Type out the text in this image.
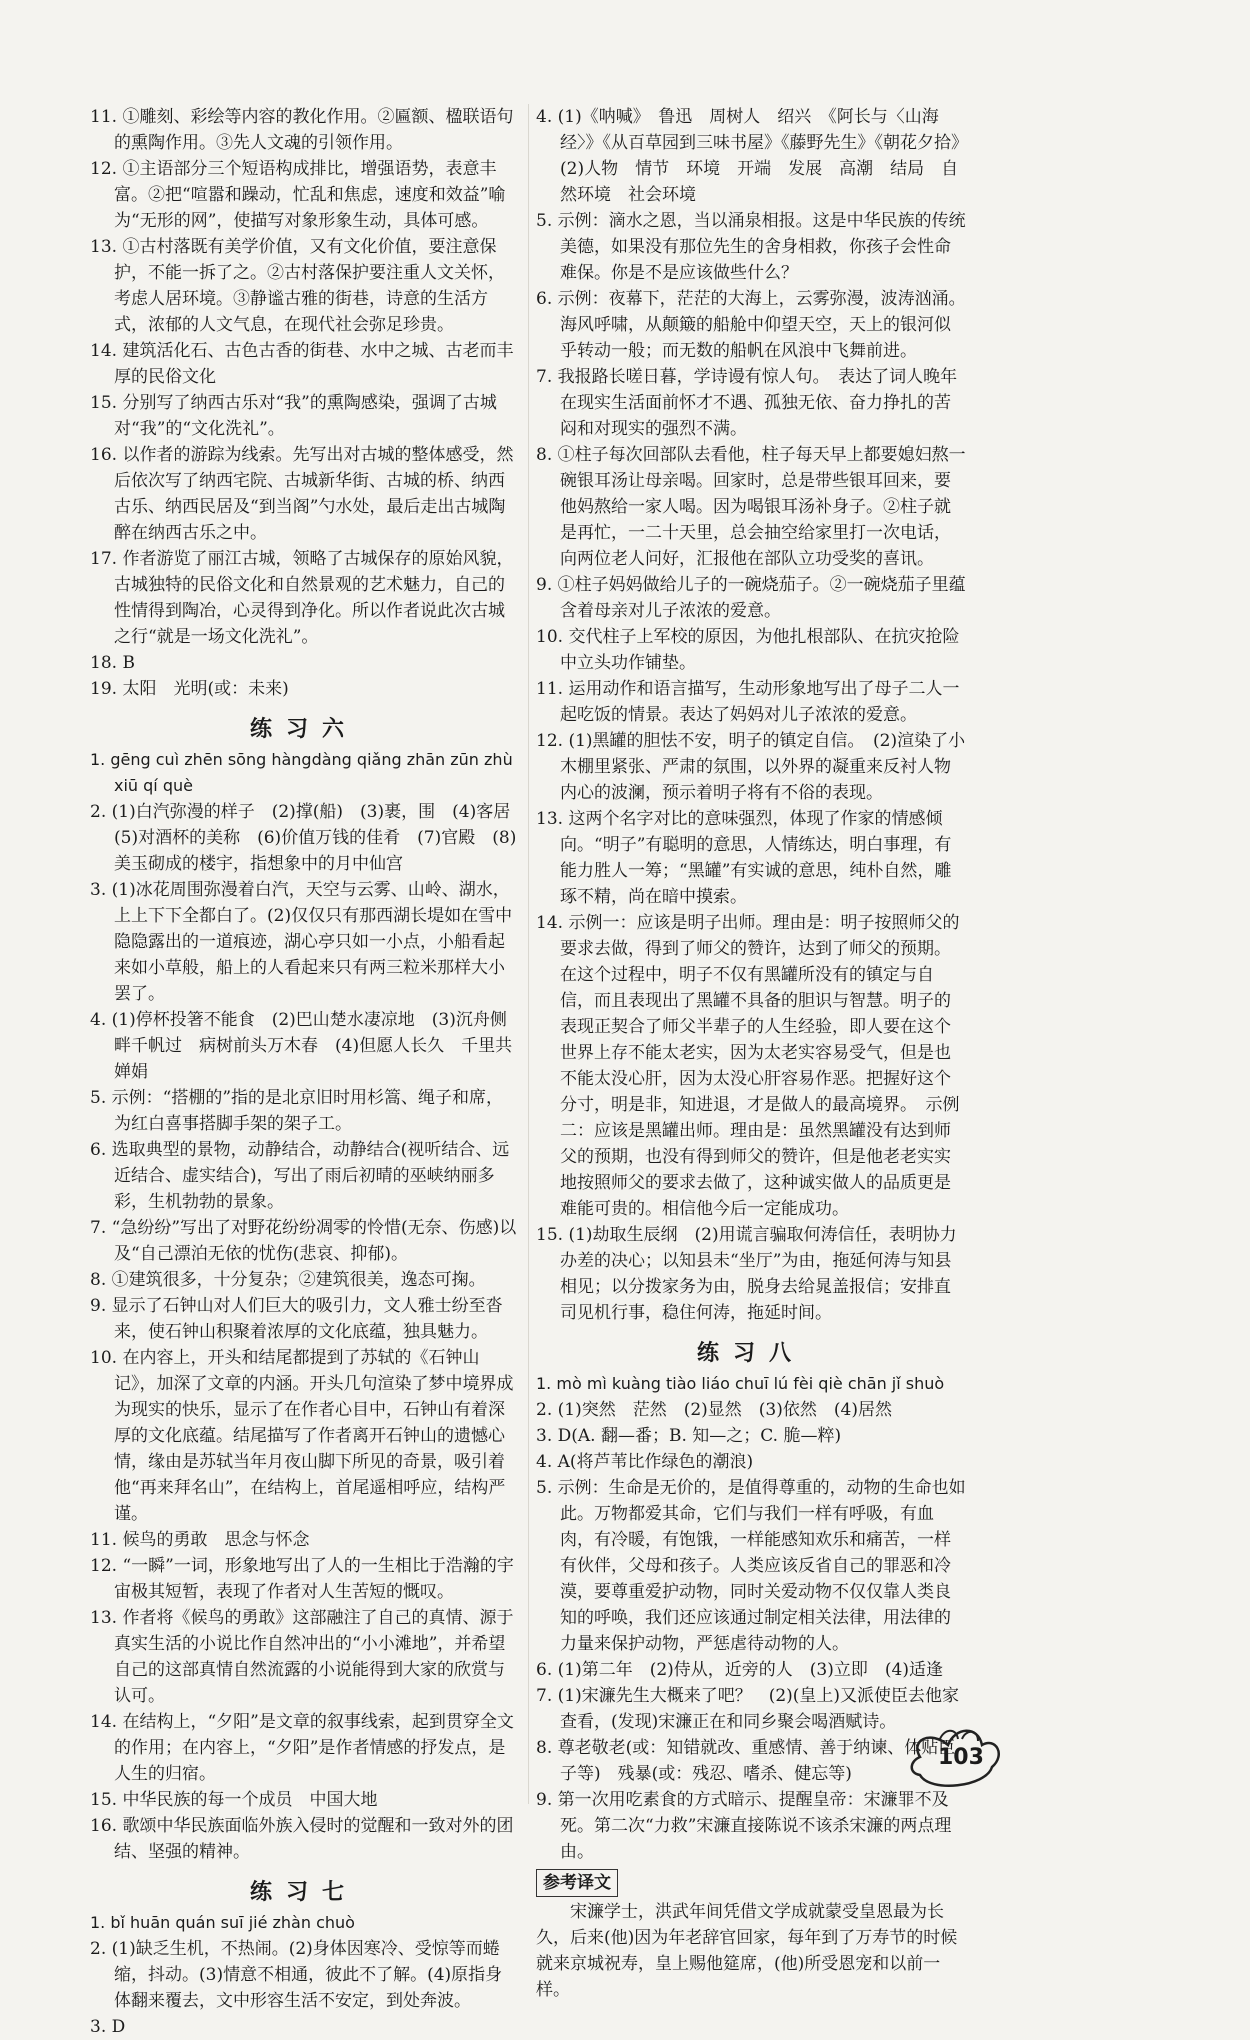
11. ①雕刻、彩绘等内容的教化作用。②匾额、楹联语句的熏陶作用。③先人文魂的引领作用。

12. ①主语部分三个短语构成排比，增强语势，表意丰富。②把“喧嚣和躁动，忙乱和焦虑，速度和效益”喻为“无形的网”，使描写对象形象生动，具体可感。

13. ①古村落既有美学价值，又有文化价值，要注意保护，不能一拆了之。②古村落保护要注重人文关怀，考虑人居环境。③静谧古雅的街巷，诗意的生活方式，浓郁的人文气息，在现代社会弥足珍贵。

14. 建筑活化石、古色古香的街巷、水中之城、古老而丰厚的民俗文化

15. 分别写了纳西古乐对“我”的熏陶感染，强调了古城对“我”的“文化洗礼”。

16. 以作者的游踪为线索。先写出对古城的整体感受，然后依次写了纳西宅院、古城新华街、古城的桥、纳西古乐、纳西民居及“到当阁”勺水处，最后走出古城陶醉在纳西古乐之中。

17. 作者游览了丽江古城，领略了古城保存的原始风貌，古城独特的民俗文化和自然景观的艺术魅力，自己的性情得到陶冶，心灵得到净化。所以作者说此次古城之行“就是一场文化洗礼”。

18. B

19. 太阳　光明(或：未来)

练习六

1. gēng cuì zhēn sōng hàngdàng qiǎng zhān zūn zhù xiū qí què

2. (1)白汽弥漫的样子　(2)撑(船)　(3)裹，围　(4)客居　(5)对酒杯的美称　(6)价值万钱的佳肴　(7)官殿　(8)美玉砌成的楼宇，指想象中的月中仙宫

3. (1)冰花周围弥漫着白汽，天空与云雾、山岭、湖水，上上下下全都白了。(2)仅仅只有那西湖长堤如在雪中隐隐露出的一道痕迹，湖心亭只如一小点，小船看起来如小草般，船上的人看起来只有两三粒米那样大小罢了。

4. (1)停杯投箸不能食　(2)巴山楚水凄凉地　(3)沉舟侧畔千帆过　病树前头万木春　(4)但愿人长久　千里共婵娟

5. 示例：“搭棚的”指的是北京旧时用杉篙、绳子和席，为红白喜事搭脚手架的架子工。

6. 选取典型的景物，动静结合，动静结合(视听结合、远近结合、虚实结合)，写出了雨后初晴的巫峡纳丽多彩，生机勃勃的景象。

7. “急纷纷”写出了对野花纷纷凋零的怜惜(无奈、伤感)以及“自己漂泊无依的忧伤(悲哀、抑郁)。

8. ①建筑很多，十分复杂；②建筑很美，逸态可掬。

9. 显示了石钟山对人们巨大的吸引力，文人雅士纷至沓来，使石钟山积聚着浓厚的文化底蕴，独具魅力。

10. 在内容上，开头和结尾都提到了苏轼的《石钟山记》，加深了文章的内涵。开头几句渲染了梦中境界成为现实的快乐，显示了在作者心目中，石钟山有着深厚的文化底蕴。结尾描写了作者离开石钟山的遗憾心情，缘由是苏轼当年月夜山脚下所见的奇景，吸引着他“再来拜名山”，在结构上，首尾遥相呼应，结构严谨。

11. 候鸟的勇敢　思念与怀念

12. “一瞬”一词，形象地写出了人的一生相比于浩瀚的宇宙极其短暂，表现了作者对人生苦短的慨叹。

13. 作者将《候鸟的勇敢》这部融注了自己的真情、源于真实生活的小说比作自然冲出的“小小滩地”，并希望自己的这部真情自然流露的小说能得到大家的欣赏与认可。

14. 在结构上，“夕阳”是文章的叙事线索，起到贯穿全文的作用；在内容上，“夕阳”是作者情感的抒发点，是人生的归宿。

15. 中华民族的每一个成员　中国大地

16. 歌颂中华民族面临外族入侵时的觉醒和一致对外的团结、坚强的精神。

练习七

1. bǐ huān quán suī jié zhàn chuò

2. (1)缺乏生机，不热闹。(2)身体因寒冷、受惊等而蜷缩，抖动。(3)情意不相通，彼此不了解。(4)原指身体翻来覆去，文中形容生活不安定，到处奔波。

3. D

4. (1)《呐喊》　鲁迅　周树人　绍兴　《阿长与〈山海经〉》《从百草园到三味书屋》《藤野先生》《朝花夕拾》　(2)人物　情节　环境　开端　发展　高潮　结局　自然环境　社会环境

5. 示例：滴水之恩，当以涌泉相报。这是中华民族的传统美德，如果没有那位先生的舍身相救，你孩子会性命难保。你是不是应该做些什么？

6. 示例：夜幕下，茫茫的大海上，云雾弥漫，波涛汹涌。海风呼啸，从颠簸的船舱中仰望天空，天上的银河似乎转动一般；而无数的船帆在风浪中飞舞前进。

7. 我报路长嗟日暮，学诗谩有惊人句。　表达了词人晚年在现实生活面前怀才不遇、孤独无依、奋力挣扎的苦闷和对现实的强烈不满。

8. ①柱子每次回部队去看他，柱子每天早上都要媳妇熬一碗银耳汤让母亲喝。回家时，总是带些银耳回来，要他妈熬给一家人喝。因为喝银耳汤补身子。②柱子就是再忙，一二十天里，总会抽空给家里打一次电话，向两位老人问好，汇报他在部队立功受奖的喜讯。

9. ①柱子妈妈做给儿子的一碗烧茄子。②一碗烧茄子里蕴含着母亲对儿子浓浓的爱意。

10. 交代柱子上军校的原因，为他扎根部队、在抗灾抢险中立头功作铺垫。

11. 运用动作和语言描写，生动形象地写出了母子二人一起吃饭的情景。表达了妈妈对儿子浓浓的爱意。

12. (1)黑罐的胆怯不安，明子的镇定自信。　(2)渲染了小木棚里紧张、严肃的氛围，以外界的凝重来反衬人物内心的波澜，预示着明子将有不俗的表现。

13. 这两个名字对比的意味强烈，体现了作家的情感倾向。“明子”有聪明的意思，人情练达，明白事理，有能力胜人一筹；“黑罐”有实诚的意思，纯朴自然，雕琢不精，尚在暗中摸索。

14. 示例一：应该是明子出师。理由是：明子按照师父的要求去做，得到了师父的赞许，达到了师父的预期。在这个过程中，明子不仅有黑罐所没有的镇定与自信，而且表现出了黑罐不具备的胆识与智慧。明子的表现正契合了师父半辈子的人生经验，即人要在这个世界上存不能太老实，因为太老实容易受气，但是也不能太没心肝，因为太没心肝容易作恶。把握好这个分寸，明是非，知进退，才是做人的最高境界。　示例二：应该是黑罐出师。理由是：虽然黑罐没有达到师父的预期，也没有得到师父的赞许，但是他老老实实地按照师父的要求去做了，这种诚实做人的品质更是难能可贵的。相信他今后一定能成功。

15. (1)劫取生辰纲　(2)用谎言骗取何涛信任，表明协力办差的决心；以知县未“坐厅”为由，拖延何涛与知县相见；以分拨家务为由，脱身去给晁盖报信；安排直司见机行事，稳住何涛，拖延时间。

练习八

1. mò mì kuàng tiào liáo chuī lú fèi qiè chān jǐ shuò

2. (1)突然　茫然　(2)显然　(3)依然　(4)居然

3. D(A. 翻—番；B. 知—之；C. 脆—粹)

4. A(将芦苇比作绿色的潮浪)

5. 示例：生命是无价的，是值得尊重的，动物的生命也如此。万物都爱其命，它们与我们一样有呼吸，有血肉，有冷暖，有饱饿，一样能感知欢乐和痛苦，一样有伙伴，父母和孩子。人类应该反省自己的罪恶和冷漠，要尊重爱护动物，同时关爱动物不仅仅靠人类良知的呼唤，我们还应该通过制定相关法律，用法律的力量来保护动物，严惩虐待动物的人。

6. (1)第二年　(2)侍从，近旁的人　(3)立即　(4)适逢

7. (1)宋濂先生大概来了吧？　(2)(皇上)又派使臣去他家查看，(发现)宋濂正在和同乡聚会喝酒赋诗。

8. 尊老敬老(或：知错就改、重感情、善于纳谏、体贴臣子等)　残暴(或：残忍、嗜杀、健忘等)

9. 第一次用吃素食的方式暗示、提醒皇帝：宋濂罪不及死。第二次“力救”宋濂直接陈说不该杀宋濂的两点理由。

参考译文

宋濂学士，洪武年间凭借文学成就蒙受皇恩最为长久，后来(他)因为年老辞官回家，每年到了万寿节的时候就来京城祝寿，皇上赐他筵席，(他)所受恩宠和以前一样。

103
